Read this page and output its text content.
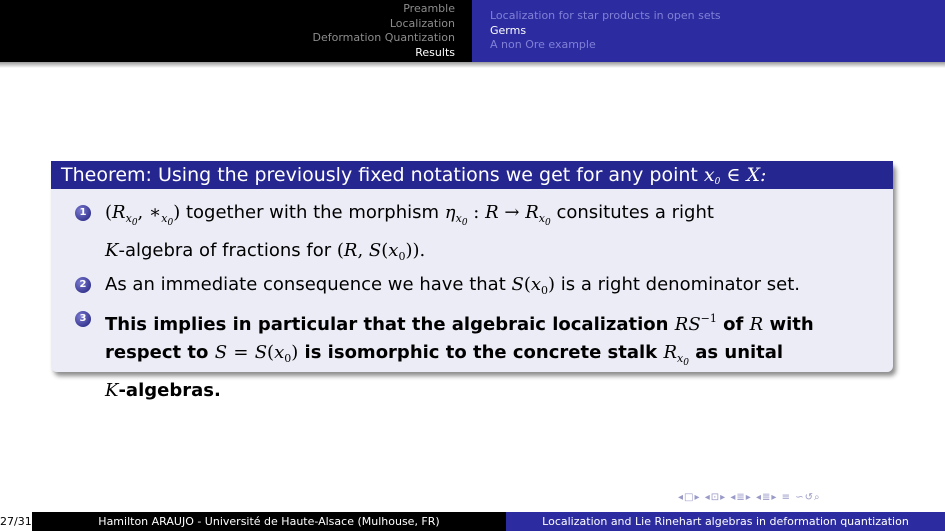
Preamble
Localization
Deformation Quantization
Results
Localization for star products in open sets
Germs
A non Ore example
Theorem: Using the previously fixed notations we get for any point $x_0$ ∈ X:
1 ($R_{x_0}$, $∗_{x_0}$) together with the morphism $\eta_{x_0}$ : $R \to R_{x_0}$ consitutes a right
K-algebra of fractions for (R, $S(x_0)$).
2 As an immediate consequence we have that $S(x_0)$ is a right denominator set.
3 This implies in particular that the algebraic localization $RS^{-1}$ of R with
respect to $S = S(x_0)$ is isomorphic to the concrete stalk $R_{x_0}$ as unital
K-algebras.
◂□▸ ◂⊡▸ ◂≣▸ ◂≣▸ ≡ ∽↺⌕
27/31	Hamilton ARAUJO - Université de Haute-Alsace (Mulhouse, FR)	Localization and Lie Rinehart algebras in deformation quantization
